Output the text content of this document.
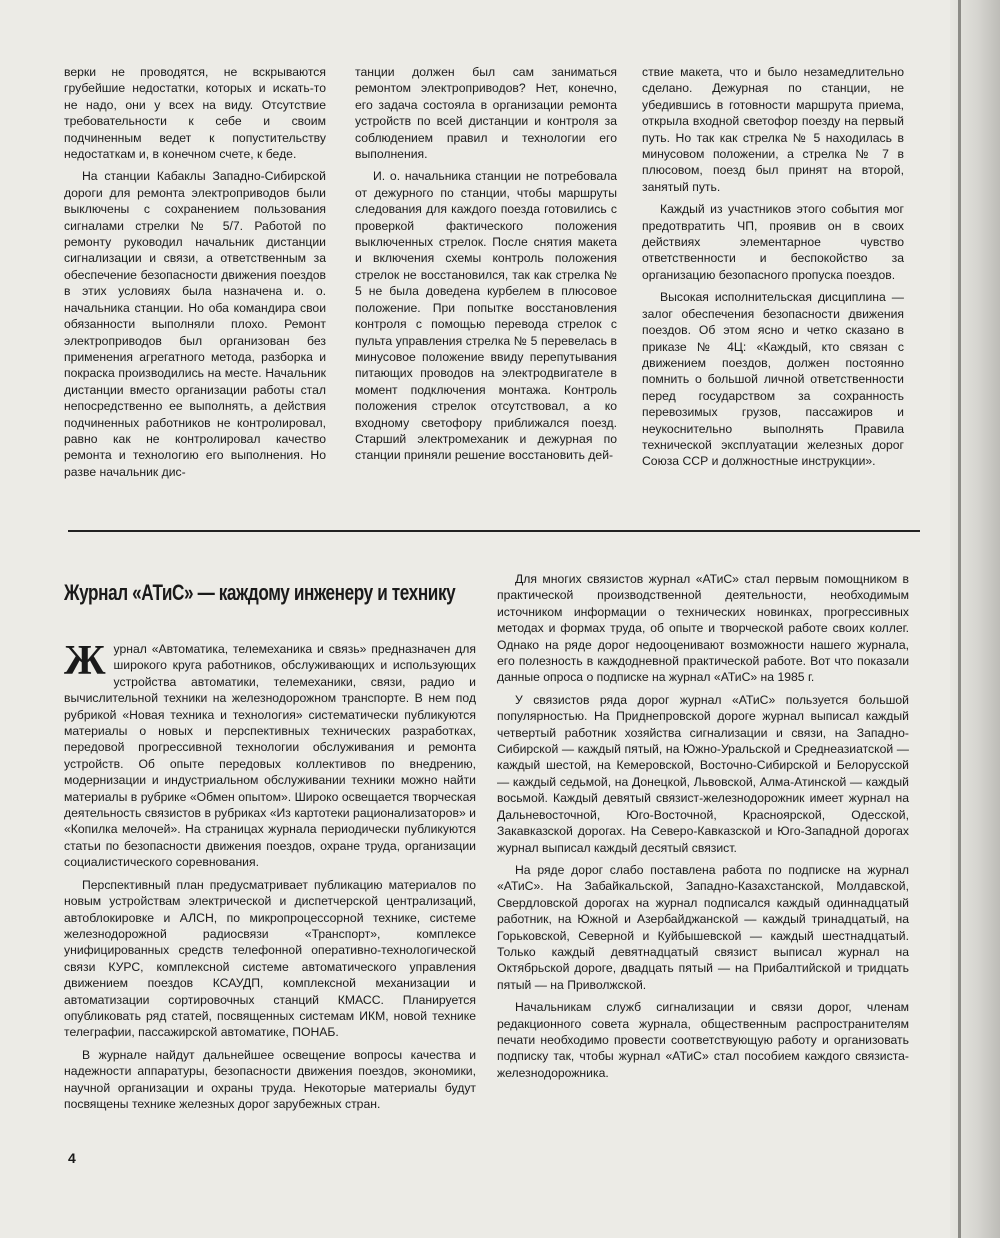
верки не проводятся, не вскрываются грубейшие недостатки, которых и искать-то не надо, они у всех на виду. Отсутствие требовательности к себе и своим подчиненным ведет к попустительству недостаткам и, в конечном счете, к беде.

На станции Кабаклы Западно-Сибирской дороги для ремонта электроприводов были выключены с сохранением пользования сигналами стрелки № 5/7. Работой по ремонту руководил начальник дистанции сигнализации и связи, а ответственным за обеспечение безопасности движения поездов в этих условиях была назначена и. о. начальника станции. Но оба командира свои обязанности выполняли плохо. Ремонт электроприводов был организован без применения агрегатного метода, разборка и покраска производились на месте. Начальник дистанции вместо организации работы стал непосредственно ее выполнять, а действия подчиненных работников не контролировал, равно как не контролировал качество ремонта и технологию его выполнения. Но разве начальник дис-

танции должен был сам заниматься ремонтом электроприводов? Нет, конечно, его задача состояла в организации ремонта устройств по всей дистанции и контроля за соблюдением правил и технологии его выполнения.

И. о. начальника станции не потребовала от дежурного по станции, чтобы маршруты следования для каждого поезда готовились с проверкой фактического положения выключенных стрелок. После снятия макета и включения схемы контроль положения стрелок не восстановился, так как стрелка № 5 не была доведена курбелем в плюсовое положение. При попытке восстановления контроля с помощью перевода стрелок с пульта управления стрелка № 5 перевелась в минусовое положение ввиду перепутывания питающих проводов на электродвигателе в момент подключения монтажа. Контроль положения стрелок отсутствовал, а ко входному светофору приближался поезд. Старший электромеханик и дежурная по станции приняли решение восстановить дей-

ствие макета, что и было незамедлительно сделано. Дежурная по станции, не убедившись в готовности маршрута приема, открыла входной светофор поезду на первый путь. Но так как стрелка № 5 находилась в минусовом положении, а стрелка № 7 в плюсовом, поезд был принят на второй, занятый путь.

Каждый из участников этого события мог предотвратить ЧП, проявив он в своих действиях элементарное чувство ответственности и беспокойство за организацию безопасного пропуска поездов.

Высокая исполнительская дисциплина — залог обеспечения безопасности движения поездов. Об этом ясно и четко сказано в приказе № 4Ц: «Каждый, кто связан с движением поездов, должен постоянно помнить о большой личной ответственности перед государством за сохранность перевозимых грузов, пассажиров и неукоснительно выполнять Правила технической эксплуатации железных дорог Союза ССР и должностные инструкции».

Журнал «АТиС» — каждому инженеру и технику

Журнал «Автоматика, телемеханика и связь» предназначен для широкого круга работников, обслуживающих и использующих устройства автоматики, телемеханики, связи, радио и вычислительной техники на железнодорожном транспорте. В нем под рубрикой «Новая техника и технология» систематически публикуются материалы о новых и перспективных технических разработках, передовой прогрессивной технологии обслуживания и ремонта устройств. Об опыте передовых коллективов по внедрению, модернизации и индустриальном обслуживании техники можно найти материалы в рубрике «Обмен опытом». Широко освещается творческая деятельность связистов в рубриках «Из картотеки рационализаторов» и «Копилка мелочей». На страницах журнала периодически публикуются статьи по безопасности движения поездов, охране труда, организации социалистического соревнования.

Перспективный план предусматривает публикацию материалов по новым устройствам электрической и диспетчерской централизаций, автоблокировке и АЛСН, по микропроцессорной технике, системе железнодорожной радиосвязи «Транспорт», комплексе унифицированных средств телефонной оперативно-технологической связи КУРС, комплексной системе автоматического управления движением поездов КСАУДП, комплексной механизации и автоматизации сортировочных станций КМАСС. Планируется опубликовать ряд статей, посвященных системам ИКМ, новой технике телеграфии, пассажирской автоматике, ПОНАБ.

В журнале найдут дальнейшее освещение вопросы качества и надежности аппаратуры, безопасности движения поездов, экономики, научной организации и охраны труда. Некоторые материалы будут посвящены технике железных дорог зарубежных стран.

Для многих связистов журнал «АТиС» стал первым помощником в практической производственной деятельности, необходимым источником информации о технических новинках, прогрессивных методах и формах труда, об опыте и творческой работе своих коллег. Однако на ряде дорог недооценивают возможности нашего журнала, его полезность в каждодневной практической работе. Вот что показали данные опроса о подписке на журнал «АТиС» на 1985 г.

У связистов ряда дорог журнал «АТиС» пользуется большой популярностью. На Приднепровской дороге журнал выписал каждый четвертый работник хозяйства сигнализации и связи, на Западно-Сибирской — каждый пятый, на Южно-Уральской и Среднеазиатской — каждый шестой, на Кемеровской, Восточно-Сибирской и Белорусской — каждый седьмой, на Донецкой, Львовской, Алма-Атинской — каждый восьмой. Каждый девятый связист-железнодорожник имеет журнал на Дальневосточной, Юго-Восточной, Красноярской, Одесской, Закавказской дорогах. На Северо-Кавказской и Юго-Западной дорогах журнал выписал каждый десятый связист.

На ряде дорог слабо поставлена работа по подписке на журнал «АТиС». На Забайкальской, Западно-Казахстанской, Молдавской, Свердловской дорогах на журнал подписался каждый одиннадцатый работник, на Южной и Азербайджанской — каждый тринадцатый, на Горьковской, Северной и Куйбышевской — каждый шестнадцатый. Только каждый девятнадцатый связист выписал журнал на Октябрьской дороге, двадцать пятый — на Прибалтийской и тридцать пятый — на Приволжской.

Начальникам служб сигнализации и связи дорог, членам редакционного совета журнала, общественным распространителям печати необходимо провести соответствующую работу и организовать подписку так, чтобы журнал «АТиС» стал пособием каждого связиста-железнодорожника.

4
